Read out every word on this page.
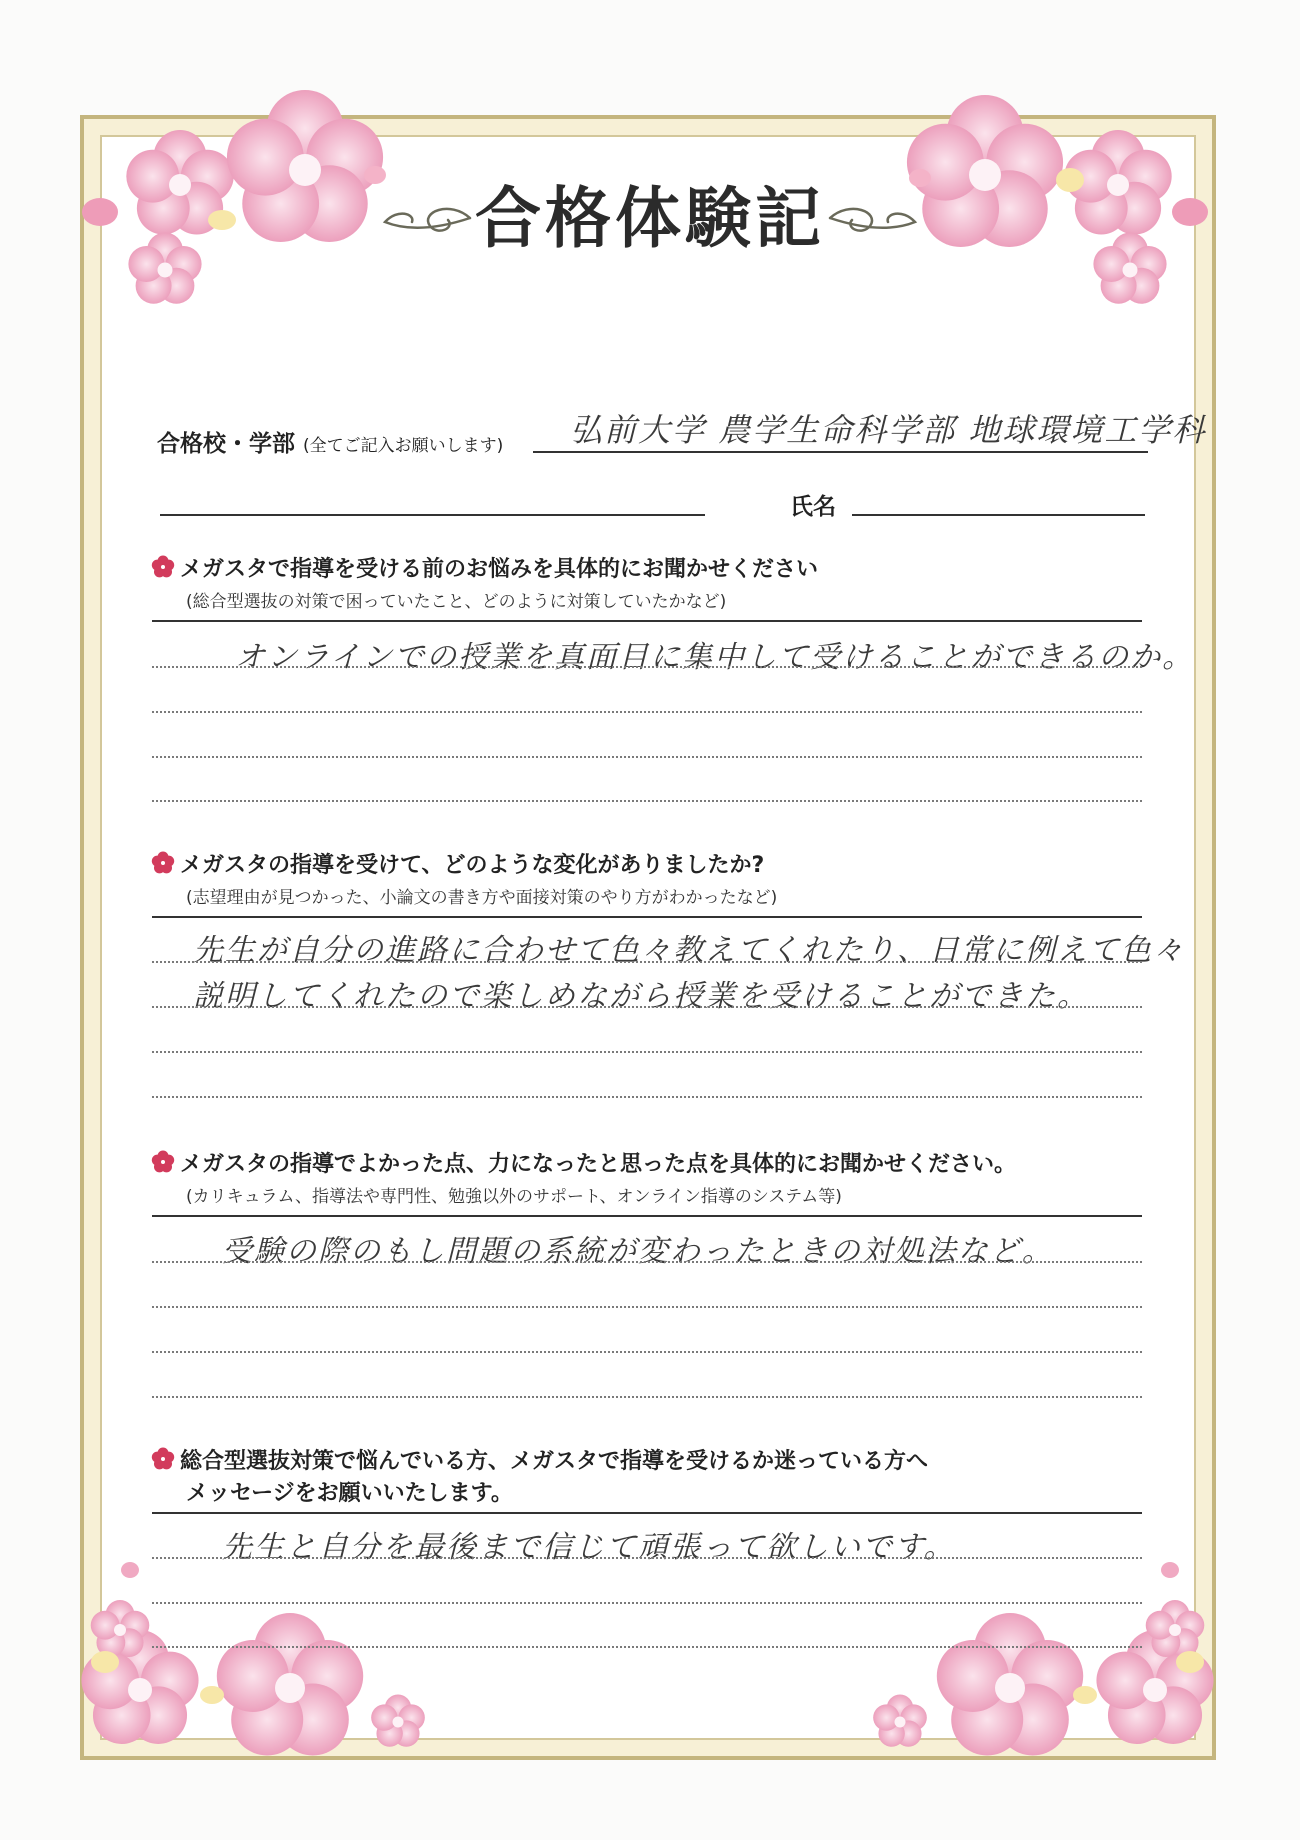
合格体験記
合格校・学部 (全てご記入お願いします) 弘前大学 農学生命科学部 地球環境工学科
氏名
メガスタで指導を受ける前のお悩みを具体的にお聞かせください
(総合型選抜の対策で困っていたこと、どのように対策していたかなど)
オンラインでの授業を真面目に集中して受けることができるのか。
メガスタの指導を受けて、どのような変化がありましたか?
(志望理由が見つかった、小論文の書き方や面接対策のやり方がわかったなど)
先生が自分の進路に合わせて色々教えてくれたり、日常に例えて色々
説明してくれたので楽しめながら授業を受けることができた。
メガスタの指導でよかった点、力になったと思った点を具体的にお聞かせください。
(カリキュラム、指導法や専門性、勉強以外のサポート、オンライン指導のシステム等)
受験の際のもし問題の系統が変わったときの対処法など。
総合型選抜対策で悩んでいる方、メガスタで指導を受けるか迷っている方へ
メッセージをお願いいたします。
先生と自分を最後まで信じて頑張って欲しいです。
